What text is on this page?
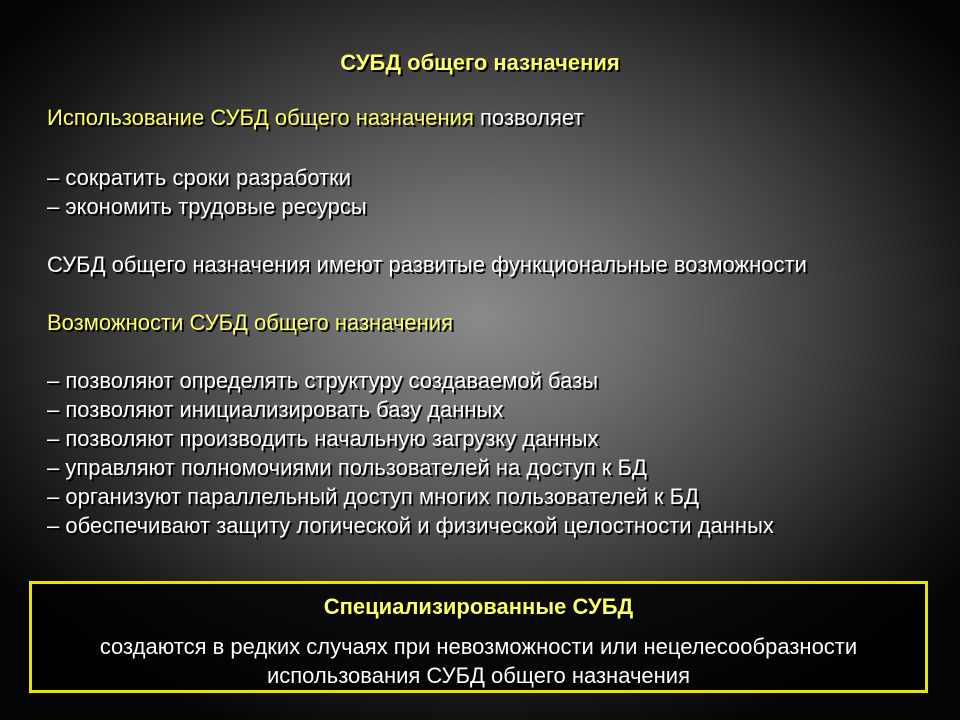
СУБД общего назначения
Использование СУБД общего назначения позволяет
– сократить сроки разработки
– экономить трудовые ресурсы
СУБД общего назначения имеют развитые функциональные возможности
Возможности СУБД общего назначения
– позволяют определять структуру создаваемой базы
– позволяют инициализировать базу данных
– позволяют производить начальную загрузку данных
– управляют полномочиями пользователей на доступ к БД
– организуют параллельный доступ многих пользователей к БД
– обеспечивают защиту логической и физической целостности данных
Специализированные СУБД
создаются в редких случаях при невозможности или нецелесообразности
использования СУБД общего назначения
